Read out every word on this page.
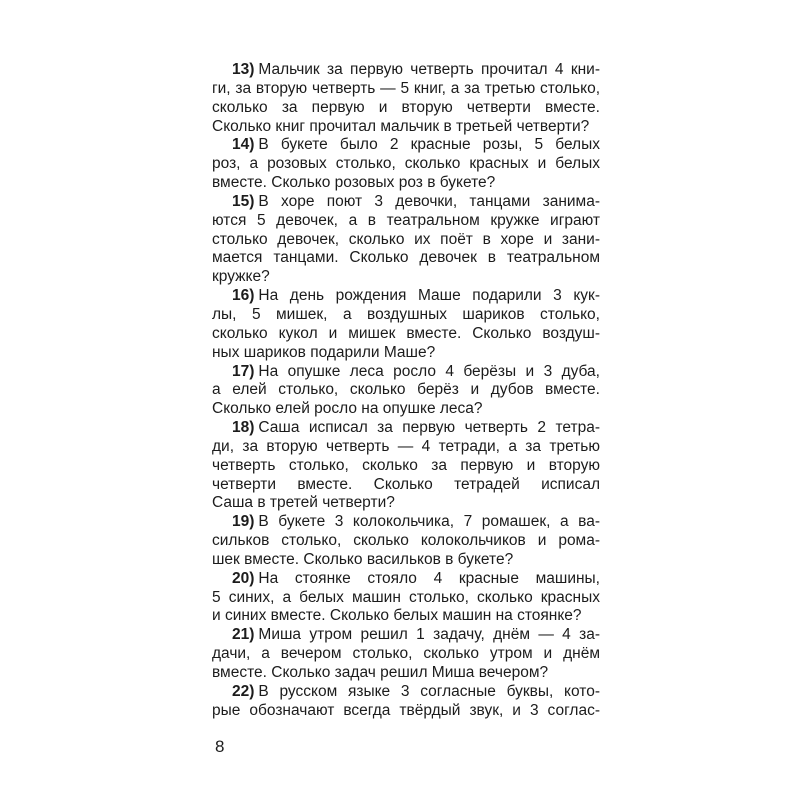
13) Мальчик за первую четверть прочитал 4 кни-
ги, за вторую четверть — 5 книг, а за третью столько,
сколько за первую и вторую четверти вместе.
Сколько книг прочитал мальчик в третьей четверти?
14) В букете было 2 красные розы, 5 белых
роз, а розовых столько, сколько красных и белых
вместе. Сколько розовых роз в букете?
15) В хоре поют 3 девочки, танцами занима-
ются 5 девочек, а в театральном кружке играют
столько девочек, сколько их поёт в хоре и зани-
мается танцами. Сколько девочек в театральном
кружке?
16) На день рождения Маше подарили 3 кук-
лы, 5 мишек, а воздушных шариков столько,
сколько кукол и мишек вместе. Сколько воздуш-
ных шариков подарили Маше?
17) На опушке леса росло 4 берёзы и 3 дуба,
а елей столько, сколько берёз и дубов вместе.
Сколько елей росло на опушке леса?
18) Саша исписал за первую четверть 2 тетра-
ди, за вторую четверть — 4 тетради, а за третью
четверть столько, сколько за первую и вторую
четверти вместе. Сколько тетрадей исписал
Саша в третей четверти?
19) В букете 3 колокольчика, 7 ромашек, а ва-
сильков столько, сколько колокольчиков и рома-
шек вместе. Сколько васильков в букете?
20) На стоянке стояло 4 красные машины,
5 синих, а белых машин столько, сколько красных
и синих вместе. Сколько белых машин на стоянке?
21) Миша утром решил 1 задачу, днём — 4 за-
дачи, а вечером столько, сколько утром и днём
вместе. Сколько задач решил Миша вечером?
22) В русском языке 3 согласные буквы, кото-
рые обозначают всегда твёрдый звук, и 3 соглас-
8
